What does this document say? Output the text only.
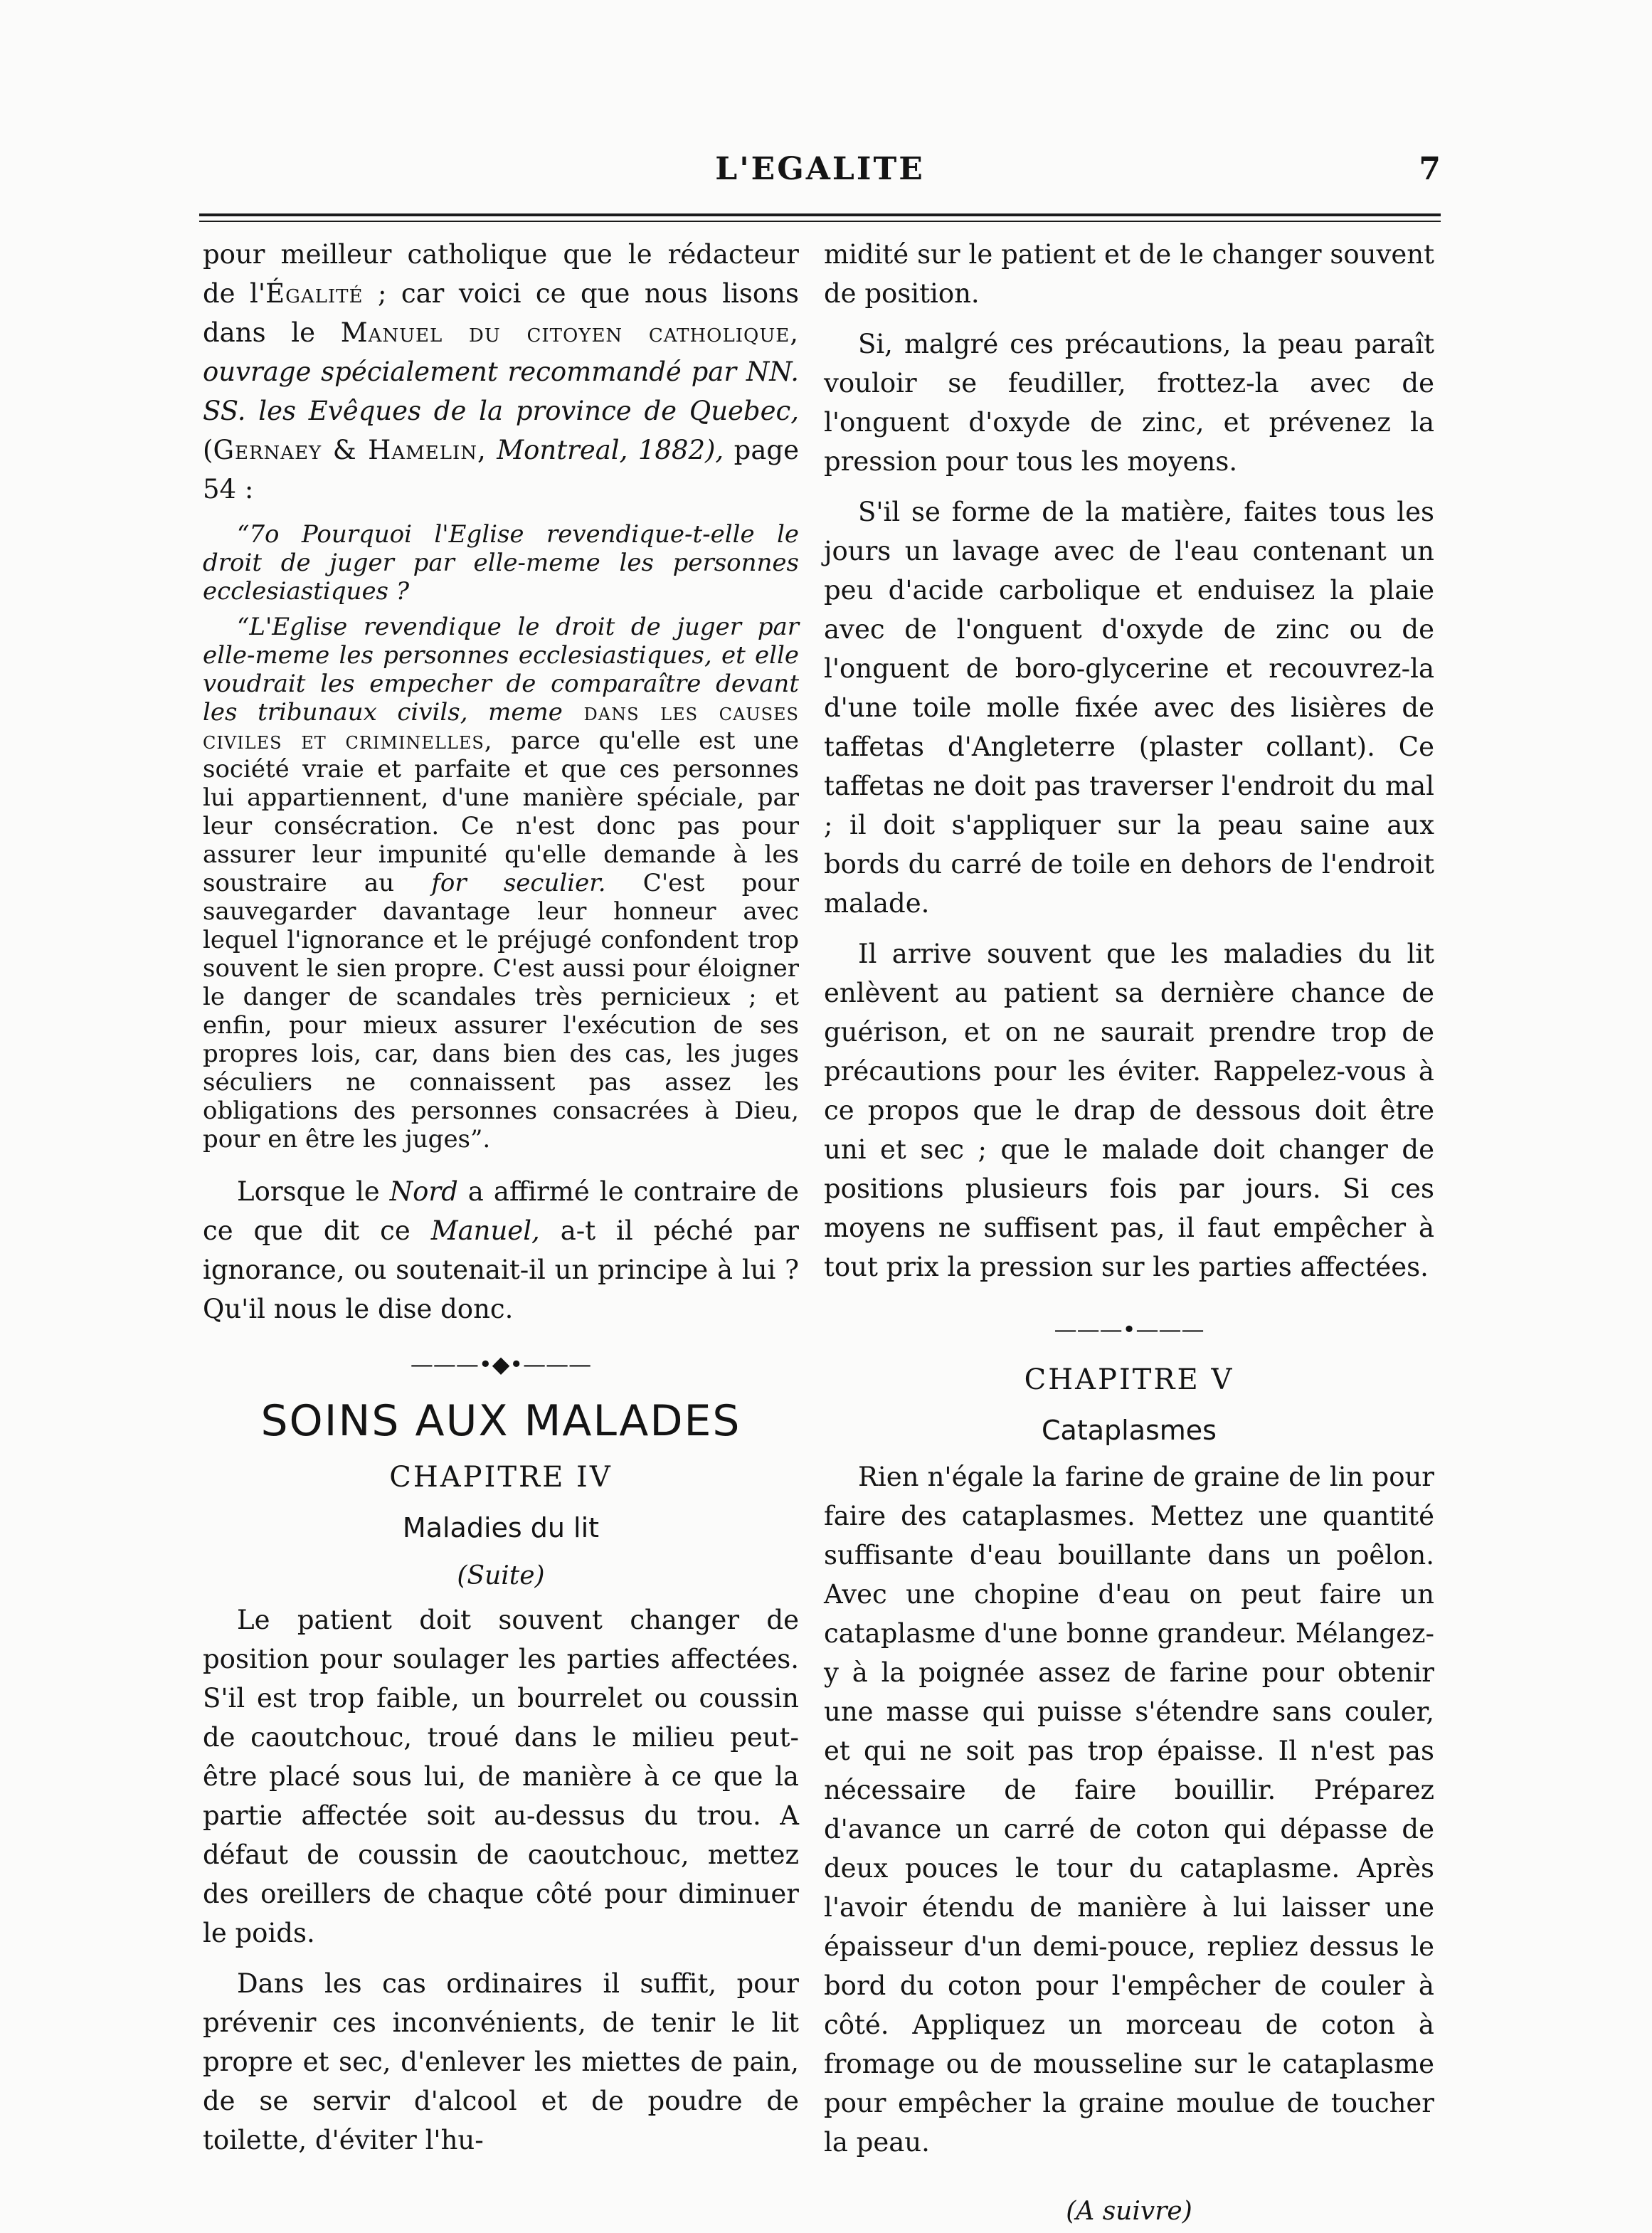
L'EGALITE	7

pour meilleur catholique que le rédacteur de l'Égalité ; car voici ce que nous lisons dans le Manuel du citoyen catholique, ouvrage spécialement recommandé par NN. SS. les Evêques de la province de Quebec, (Gernaey & Hamelin, Montreal, 1882), page 54 :

“7o Pourquoi l'Eglise revendique-t-elle le droit de juger par elle-meme les personnes ecclesiastiques ?

“L'Eglise revendique le droit de juger par elle-meme les personnes ecclesiastiques, et elle voudrait les empecher de comparaître devant les tribunaux civils, meme dans les causes civiles et criminelles, parce qu'elle est une société vraie et parfaite et que ces personnes lui appartiennent, d'une manière spéciale, par leur consécration. Ce n'est donc pas pour assurer leur impunité qu'elle demande à les soustraire au for seculier. C'est pour sauvegarder davantage leur honneur avec lequel l'ignorance et le préjugé confondent trop souvent le sien propre. C'est aussi pour éloigner le danger de scandales très pernicieux ; et enfin, pour mieux assurer l'exécution de ses propres lois, car, dans bien des cas, les juges séculiers ne connaissent pas assez les obligations des personnes consacrées à Dieu, pour en être les juges”.

Lorsque le Nord a affirmé le contraire de ce que dit ce Manuel, a-t il péché par ignorance, ou soutenait-il un principe à lui ? Qu'il nous le dise donc.

———•◆•———
SOINS AUX MALADES
CHAPITRE IV
Maladies du lit
(Suite)

Le patient doit souvent changer de position pour soulager les parties affectées. S'il est trop faible, un bourrelet ou coussin de caoutchouc, troué dans le milieu peut-être placé sous lui, de manière à ce que la partie affectée soit au-dessus du trou. A défaut de coussin de caoutchouc, mettez des oreillers de chaque côté pour diminuer le poids.

Dans les cas ordinaires il suffit, pour prévenir ces inconvénients, de tenir le lit propre et sec, d'enlever les miettes de pain, de se servir d'alcool et de poudre de toilette, d'éviter l'hu-

midité sur le patient et de le changer souvent de position.

Si, malgré ces précautions, la peau paraît vouloir se feudiller, frottez-la avec de l'onguent d'oxyde de zinc, et prévenez la pression pour tous les moyens.

S'il se forme de la matière, faites tous les jours un lavage avec de l'eau contenant un peu d'acide carbolique et enduisez la plaie avec de l'onguent d'oxyde de zinc ou de l'onguent de boro-glycerine et recouvrez-la d'une toile molle fixée avec des lisières de taffetas d'Angleterre (plaster collant). Ce taffetas ne doit pas traverser l'endroit du mal ; il doit s'appliquer sur la peau saine aux bords du carré de toile en dehors de l'endroit malade.

Il arrive souvent que les maladies du lit enlèvent au patient sa dernière chance de guérison, et on ne saurait prendre trop de précautions pour les éviter. Rappelez-vous à ce propos que le drap de dessous doit être uni et sec ; que le malade doit changer de positions plusieurs fois par jours. Si ces moyens ne suffisent pas, il faut empêcher à tout prix la pression sur les parties affectées.

———•———
CHAPITRE V
Cataplasmes

Rien n'égale la farine de graine de lin pour faire des cataplasmes. Mettez une quantité suffisante d'eau bouillante dans un poêlon. Avec une chopine d'eau on peut faire un cataplasme d'une bonne grandeur. Mélangez-y à la poignée assez de farine pour obtenir une masse qui puisse s'étendre sans couler, et qui ne soit pas trop épaisse. Il n'est pas nécessaire de faire bouillir. Préparez d'avance un carré de coton qui dépasse de deux pouces le tour du cataplasme. Après l'avoir étendu de manière à lui laisser une épaisseur d'un demi-pouce, repliez dessus le bord du coton pour l'empêcher de couler à côté. Appliquez un morceau de coton à fromage ou de mousseline sur le cataplasme pour empêcher la graine moulue de toucher la peau.

(A suivre)
